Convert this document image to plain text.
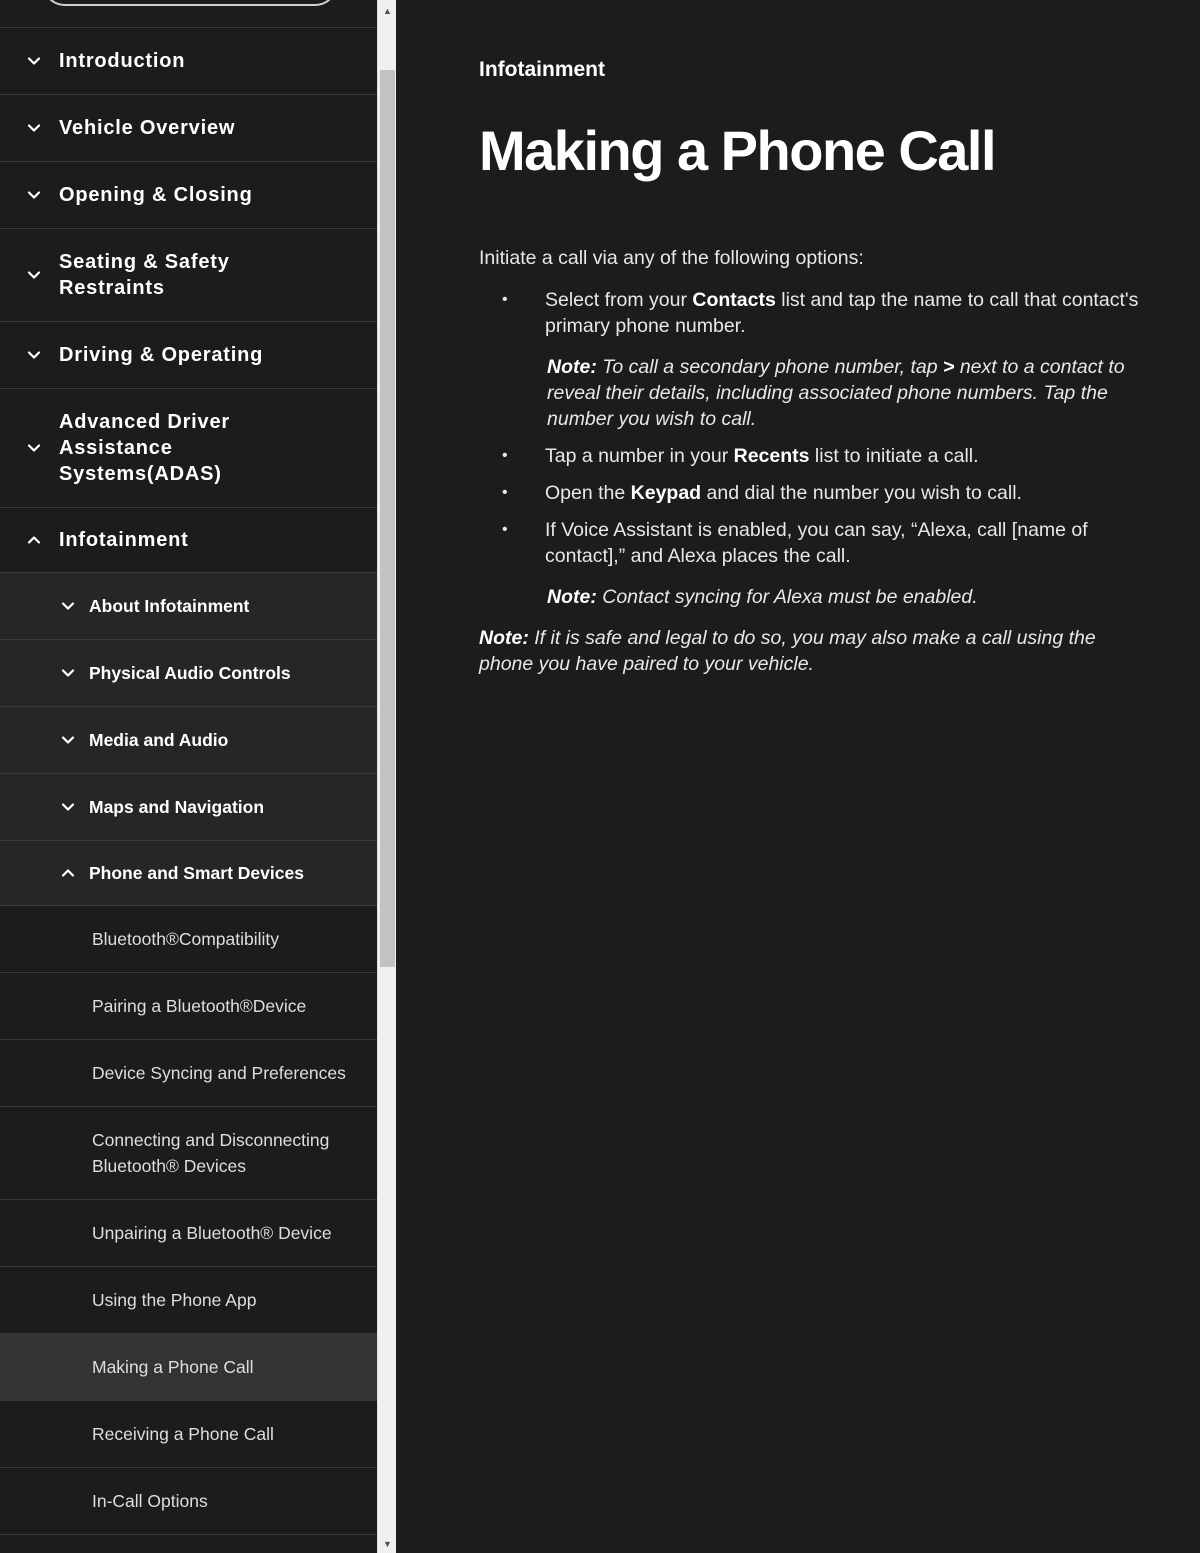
Introduction
Vehicle Overview
Opening & Closing
Seating & Safety Restraints
Driving & Operating
Advanced Driver Assistance Systems(ADAS)
Infotainment
About Infotainment
Physical Audio Controls
Media and Audio
Maps and Navigation
Phone and Smart Devices
Bluetooth®Compatibility
Pairing a Bluetooth®Device
Device Syncing and Preferences
Connecting and Disconnecting Bluetooth® Devices
Unpairing a Bluetooth® Device
Using the Phone App
Making a Phone Call
Receiving a Phone Call
In-Call Options
▲
▼
Infotainment
Making a Phone Call

Initiate a call via any of the following options:

• Select from your Contacts list and tap the name to call that contact's primary phone number.

Note: To call a secondary phone number, tap > next to a contact to reveal their details, including associated phone numbers. Tap the number you wish to call.

• Tap a number in your Recents list to initiate a call.

• Open the Keypad and dial the number you wish to call.

• If Voice Assistant is enabled, you can say, “Alexa, call [name of contact],” and Alexa places the call.

Note: Contact syncing for Alexa must be enabled.

Note: If it is safe and legal to do so, you may also make a call using the phone you have paired to your vehicle.
